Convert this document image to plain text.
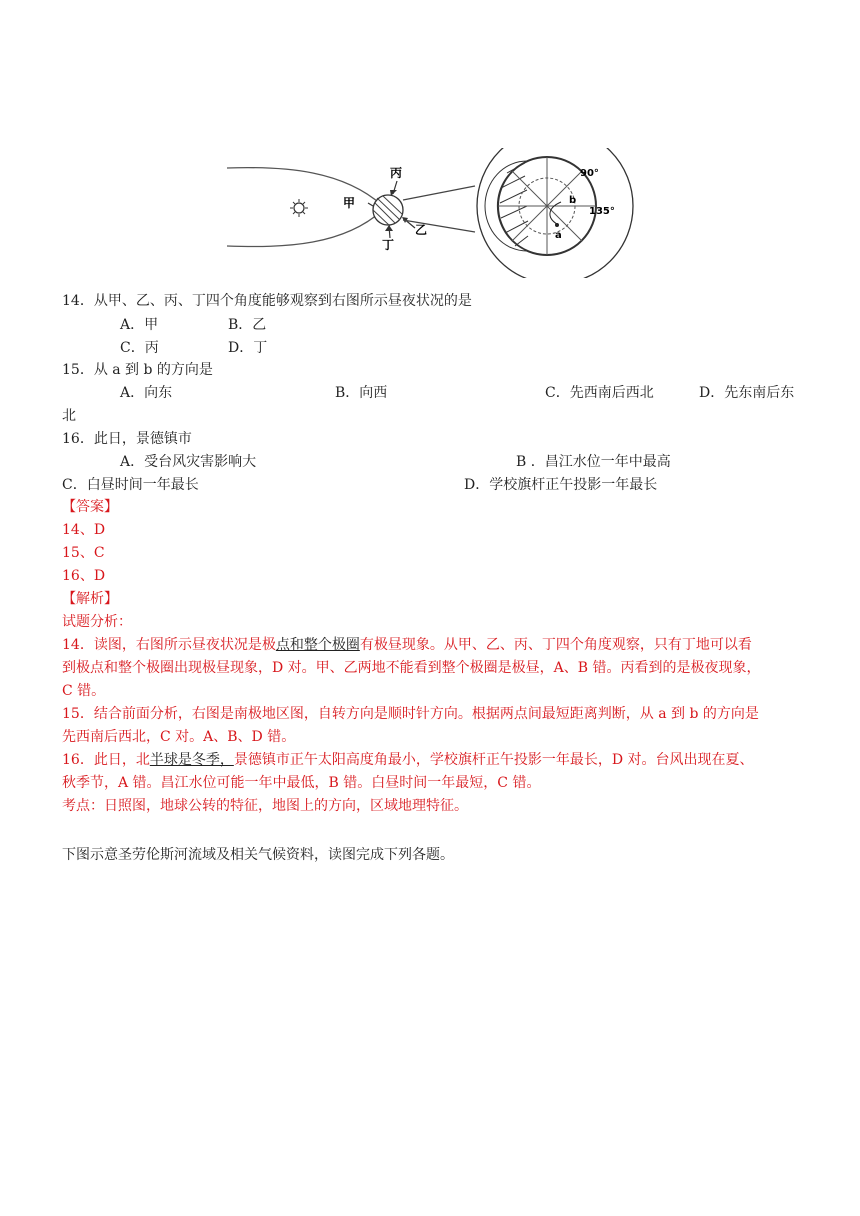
丙
甲
乙
丁
90°
135°
b
a
14．从甲、乙、丙、丁四个角度能够观察到右图所示昼夜状况的是
A．甲	B．乙
C．丙	D．丁
15．从 a 到 b 的方向是
A．向东	B．向西	C．先西南后西北	D．先东南后东
北
16．此日，景德镇市
A．受台风灾害影响大	B ．昌江水位一年中最高
C．白昼时间一年最长	D．学校旗杆正午投影一年最长
【答案】
14、D
15、C
16、D
【解析】
试题分析：
14．读图，右图所示昼夜状况是极点和整个极圈有极昼现象。从甲、乙、丙、丁四个角度观察，只有丁地可以看
到极点和整个极圈出现极昼现象，D 对。甲、乙两地不能看到整个极圈是极昼，A、B 错。丙看到的是极夜现象，
C 错。
15．结合前面分析，右图是南极地区图，自转方向是顺时针方向。根据两点间最短距离判断，从 a 到 b 的方向是
先西南后西北，C 对。A、B、D 错。
16．此日，北半球是冬季，景德镇市正午太阳高度角最小，学校旗杆正午投影一年最长，D 对。台风出现在夏、
秋季节，A 错。昌江水位可能一年中最低，B 错。白昼时间一年最短，C 错。
考点：日照图，地球公转的特征，地图上的方向，区域地理特征。
下图示意圣劳伦斯河流域及相关气候资料，读图完成下列各题。
